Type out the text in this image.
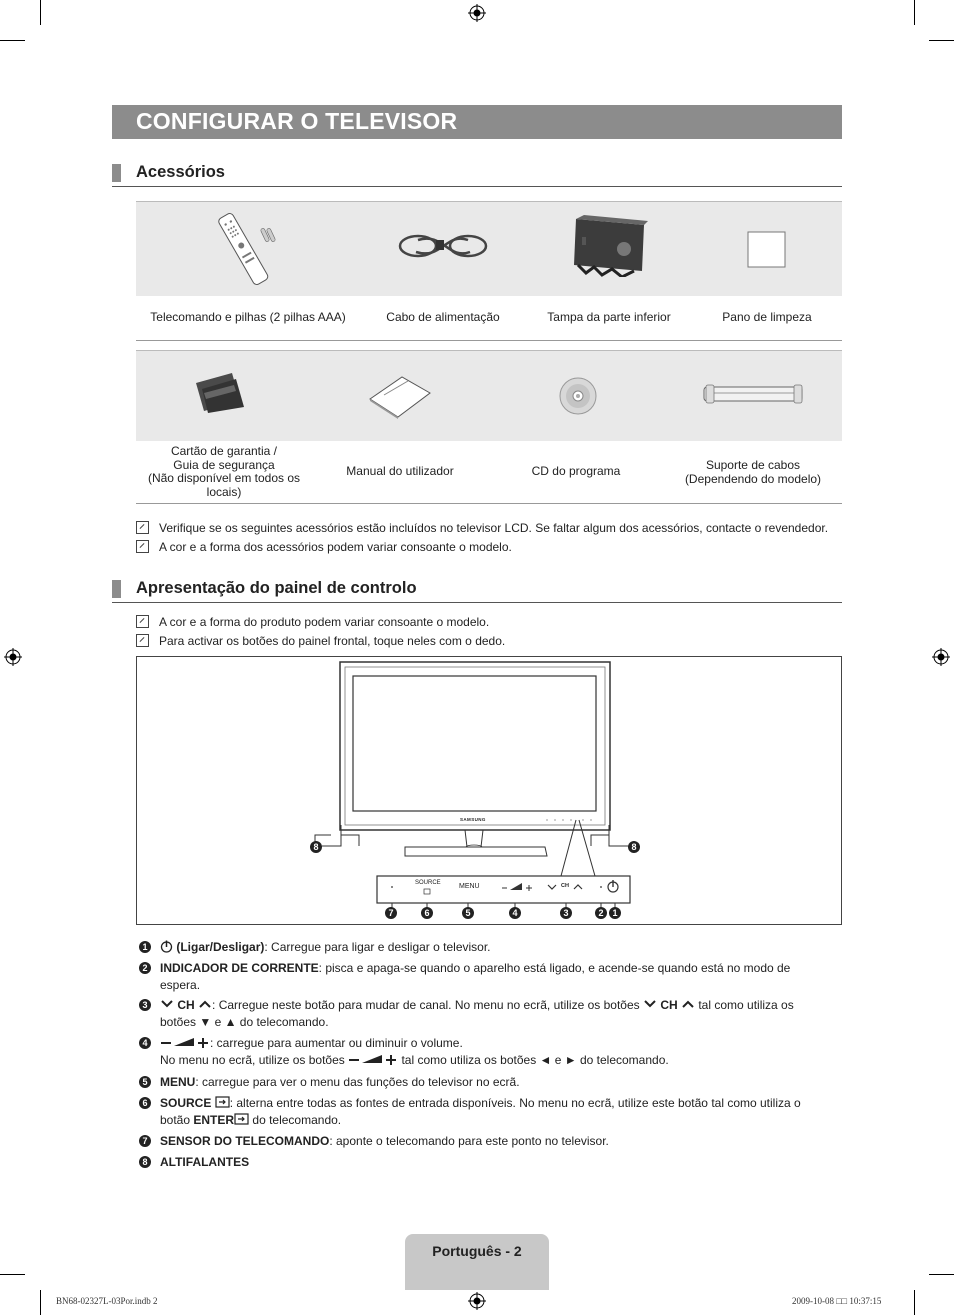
CONFIGURAR O TELEVISOR
Acessórios
Telecomando e pilhas (2 pilhas AAA)	Cabo de alimentação	Tampa da parte inferior	Pano de limpeza
Cartão de garantia /
Guia de segurança
(Não disponível em todos os
locais)
Manual do utilizador	CD do programa	Suporte de cabos
(Dependendo do modelo)
Verifique se os seguintes acessórios estão incluídos no televisor LCD. Se faltar algum dos acessórios, contacte o revendedor.
A cor e a forma dos acessórios podem variar consoante o modelo.
Apresentação do painel de controlo
A cor e a forma do produto podem variar consoante o modelo.
Para activar os botões do painel frontal, toque neles com o dedo.
SAMSUNG
SOURCE	MENU	CH
8	8
7	6	5	4	3	2 1
1	(Ligar/Desligar): Carregue para ligar e desligar o televisor.
2 INDICADOR DE CORRENTE: pisca e apaga-se quando o aparelho está ligado, e acende-se quando está no modo de
espera.
3	CH : Carregue neste botão para mudar de canal. No menu no ecrã, utilize os botões CH tal como utiliza os
botões ▼ e ▲ do telecomando.
4	: carregue para aumentar ou diminuir o volume.
No menu no ecrã, utilize os botões	tal como utiliza os botões ◄ e ► do telecomando.
5 MENU: carregue para ver o menu das funções do televisor no ecrã.
6 SOURCE : alterna entre todas as fontes de entrada disponíveis. No menu no ecrã, utilize este botão tal como utiliza o
botão ENTER do telecomando.
7 SENSOR DO TELECOMANDO: aponte o telecomando para este ponto no televisor.
8 ALTIFALANTES
Português - 2
BN68-02327L-03Por.indb 2	2009-10-08 □□ 10:37:15
